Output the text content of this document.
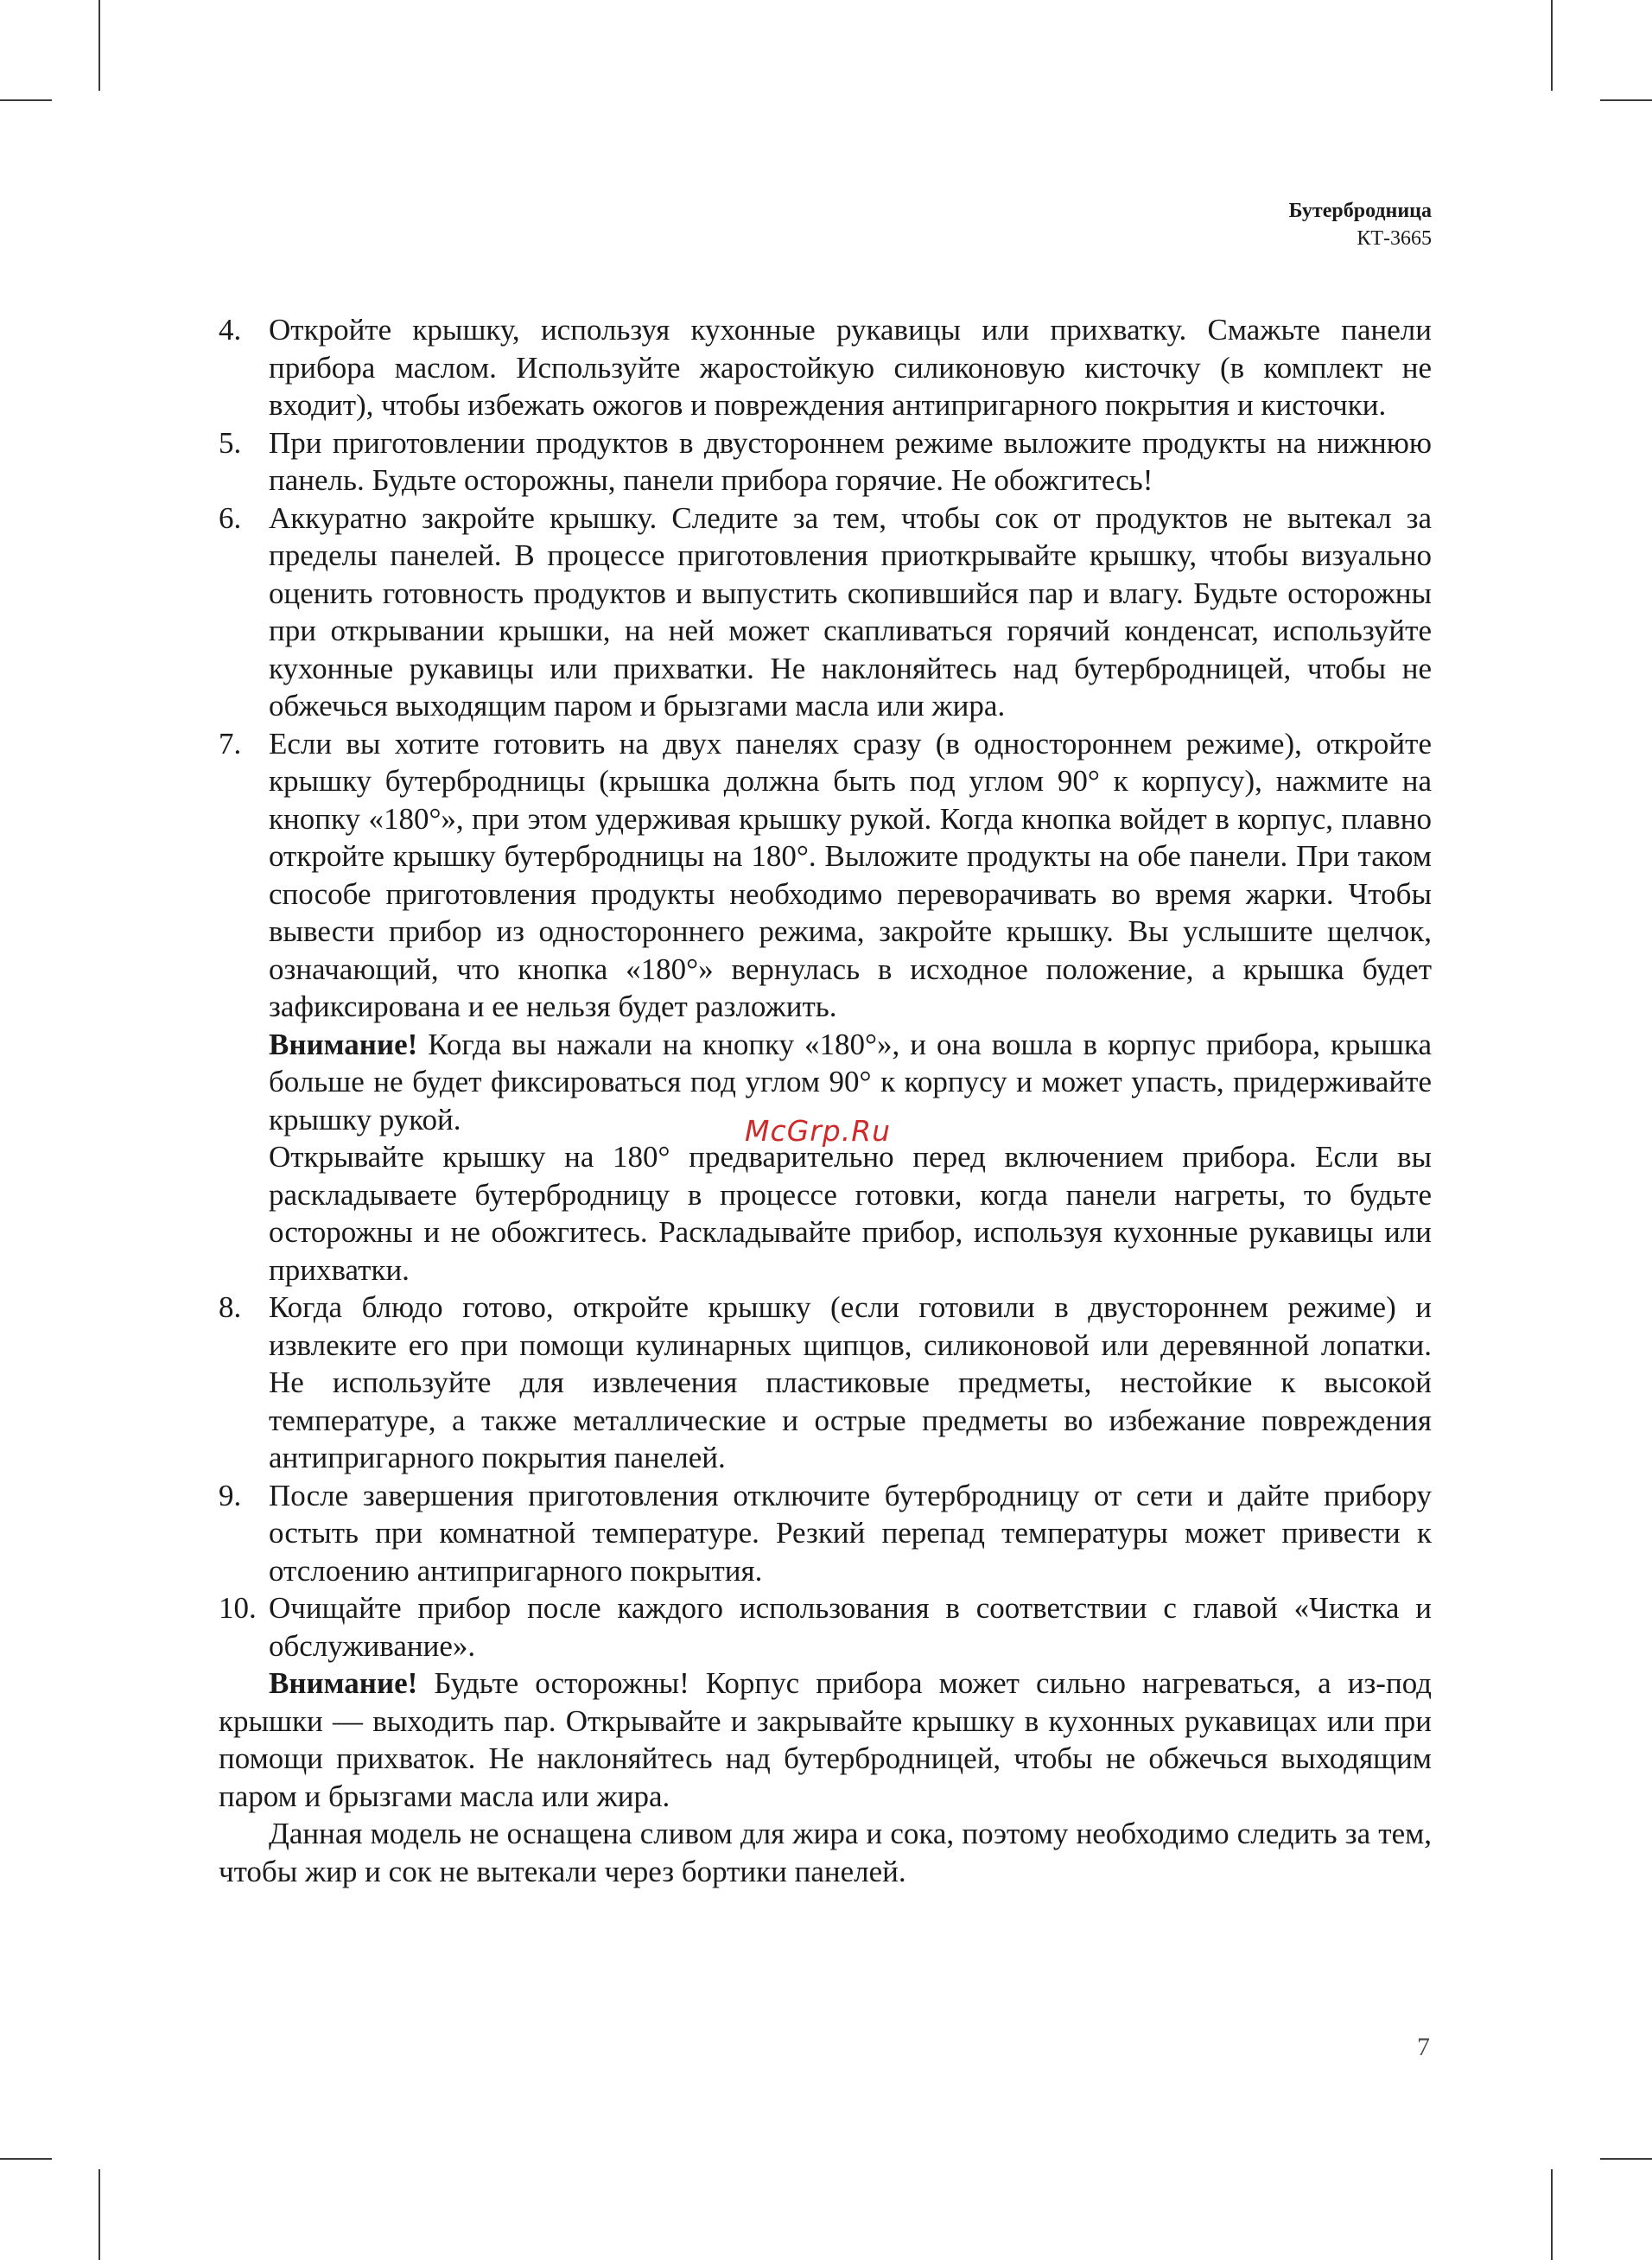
Бутербродница
КТ-3665
4. Откройте крышку, используя кухонные рукавицы или прихватку. Смажьте панели прибора маслом. Используйте жаростойкую силиконовую кисточку (в комплект не входит), чтобы избежать ожогов и повреждения антипригарного покрытия и кисточки.

5. При приготовлении продуктов в двустороннем режиме выложите продукты на нижнюю панель. Будьте осторожны, панели прибора горячие. Не обожгитесь!

6. Аккуратно закройте крышку. Следите за тем, чтобы сок от продуктов не вытекал за пределы панелей. В процессе приготовления приоткрывайте крышку, чтобы визуально оценить готовность продуктов и выпустить скопившийся пар и влагу. Будьте осторожны при открывании крышки, на ней может скапливаться горячий конденсат, используйте кухонные рукавицы или прихватки. Не наклоняйтесь над бутербродницей, чтобы не обжечься выходящим паром и брызгами масла или жира.

7. Если вы хотите готовить на двух панелях сразу (в одностороннем режиме), откройте крышку бутербродницы (крышка должна быть под углом 90° к корпусу), нажмите на кнопку «180°», при этом удерживая крышку рукой. Когда кнопка войдет в корпус, плавно откройте крышку бутербродницы на 180°. Выложите продукты на обе панели. При таком способе приготовления продукты необходимо переворачивать во время жарки. Чтобы вывести прибор из одностороннего режима, закройте крышку. Вы услышите щелчок, означающий, что кнопка «180°» вернулась в исходное положение, а крышка будет зафиксирована и ее нельзя будет разложить.

Внимание! Когда вы нажали на кнопку «180°», и она вошла в корпус прибора, крышка больше не будет фиксироваться под углом 90° к корпусу и может упасть, придерживайте крышку рукой.

Открывайте крышку на 180° предварительно перед включением прибора. Если вы раскладываете бутербродницу в процессе готовки, когда панели нагреты, то будьте осторожны и не обожгитесь. Раскладывайте прибор, используя кухонные рукавицы или прихватки.

8. Когда блюдо готово, откройте крышку (если готовили в двустороннем режиме) и извлеките его при помощи кулинарных щипцов, силиконовой или деревянной лопатки. Не используйте для извлечения пластиковые предметы, нестойкие к высокой температуре, а также металлические и острые предметы во избежание повреждения антипригарного покрытия панелей.

9. После завершения приготовления отключите бутербродницу от сети и дайте прибору остыть при комнатной температуре. Резкий перепад температуры может привести к отслоению антипригарного покрытия.

10. Очищайте прибор после каждого использования в соответствии с главой «Чистка и обслуживание».

Внимание! Будьте осторожны! Корпус прибора может сильно нагреваться, а из-под крышки — выходить пар. Открывайте и закрывайте крышку в кухонных рукавицах или при помощи прихваток. Не наклоняйтесь над бутербродницей, чтобы не обжечься выходящим паром и брызгами масла или жира.

Данная модель не оснащена сливом для жира и сока, поэтому необходимо следить за тем, чтобы жир и сок не вытекали через бортики панелей.

McGrp.Ru
7
